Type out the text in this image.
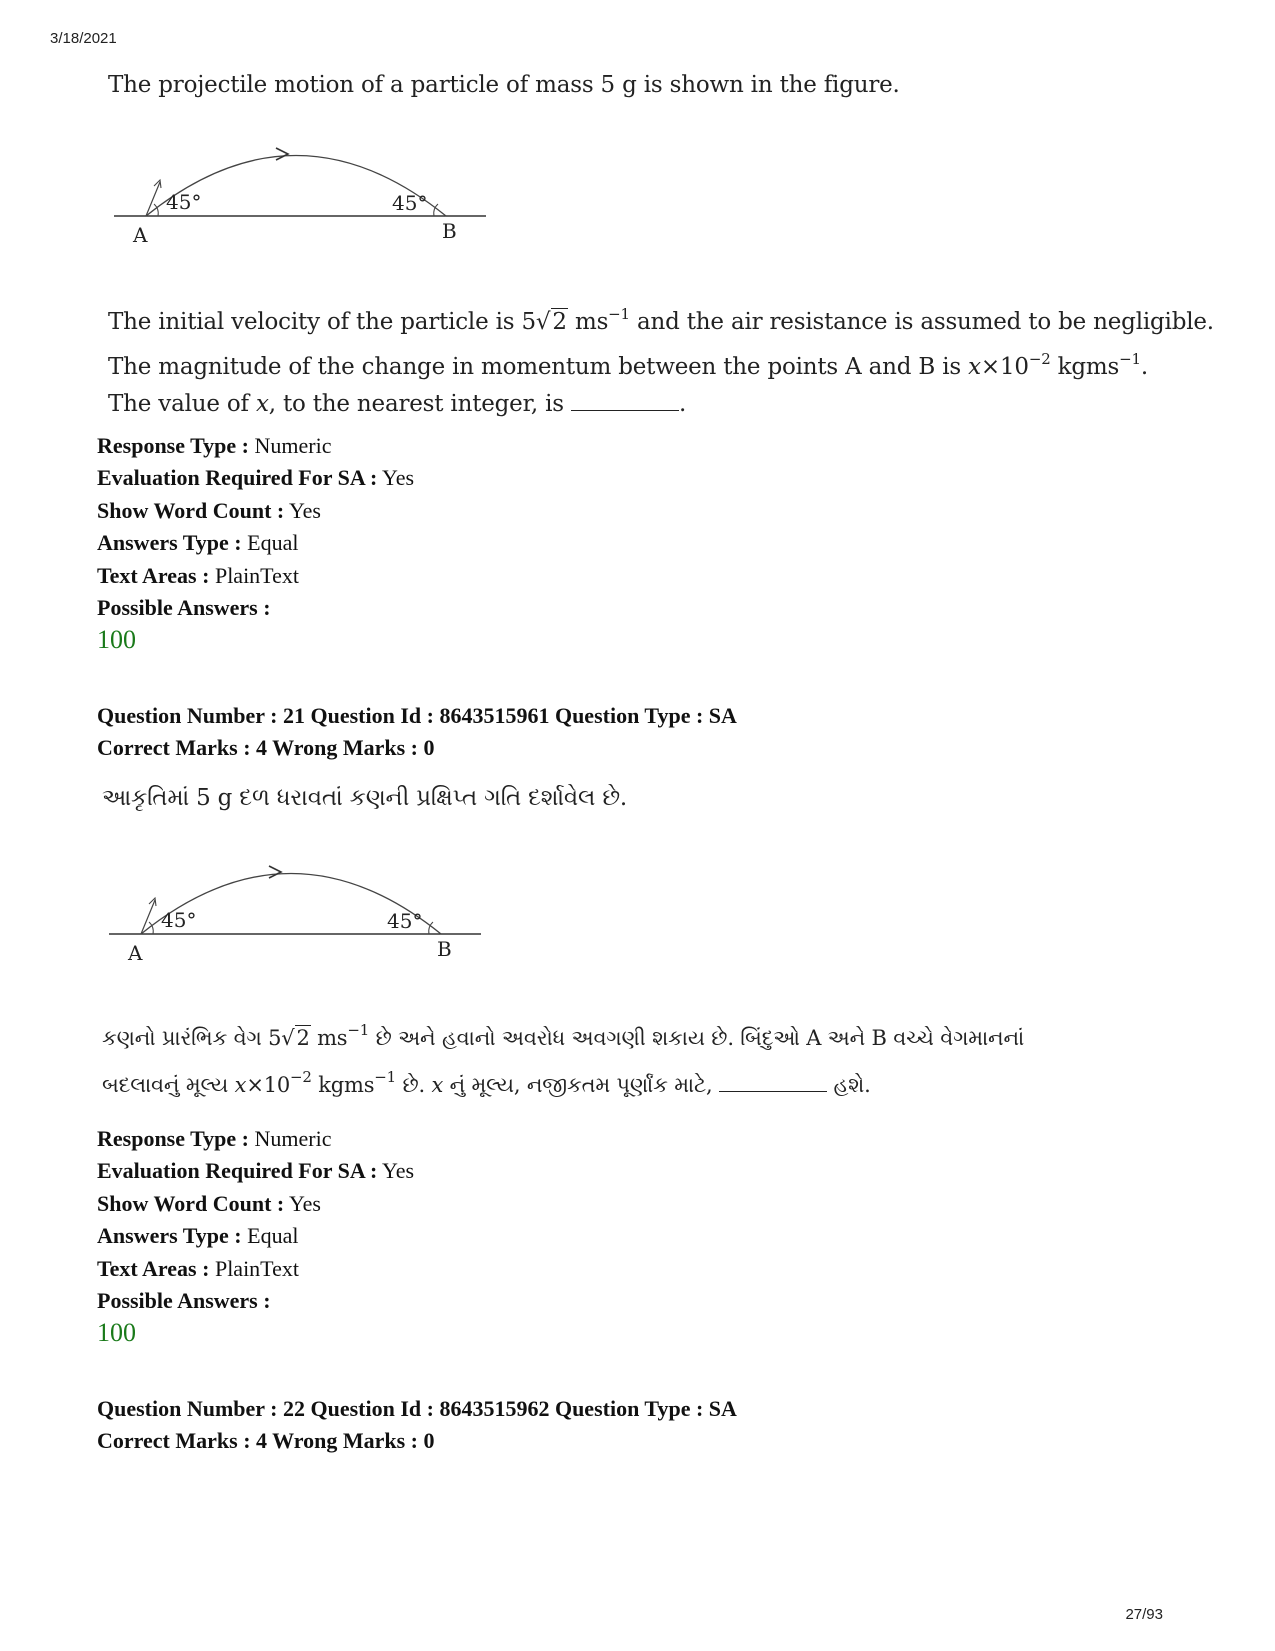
3/18/2021
27/93
The projectile motion of a particle of mass 5 g is shown in the figure.
45°	45°
A	B
The initial velocity of the particle is 5√2 $ms^{-1}$ and the air resistance is assumed to be negligible.
The magnitude of the change in momentum between the points A and B is $x\times 10^{-2}$ kgms$^{-1}$.
The value of x, to the nearest integer, is	.
Response Type : Numeric
Evaluation Required For SA : Yes
Show Word Count : Yes
Answers Type : Equal
Text Areas : PlainText
Possible Answers :
100
Question Number : 21 Question Id : 8643515961 Question Type : SA
Correct Marks : 4 Wrong Marks : 0
આકૃતિમાં 5 g દળ ધરાવતાં કણની પ્રક્ષિપ્ત ગતિ દર્શાવેલ છે.
45°	45°
A	B
કણનો પ્રારંભિક વેગ 5√2 $ms^{-1}$ છે અને હવાનો અવરોધ અવગણી શકાય છે. બિંદુઓ A અને B વચ્ચે વેગમાનનાં
બદલાવનું મૂલ્ય $x\times 10^{-2}$ kgms$^{-1}$ છે. x નું મૂલ્ય, નજીકતમ પૂર્ણાંક માટે,	હશે.
Response Type : Numeric
Evaluation Required For SA : Yes
Show Word Count : Yes
Answers Type : Equal
Text Areas : PlainText
Possible Answers :
100
Question Number : 22 Question Id : 8643515962 Question Type : SA
Correct Marks : 4 Wrong Marks : 0
